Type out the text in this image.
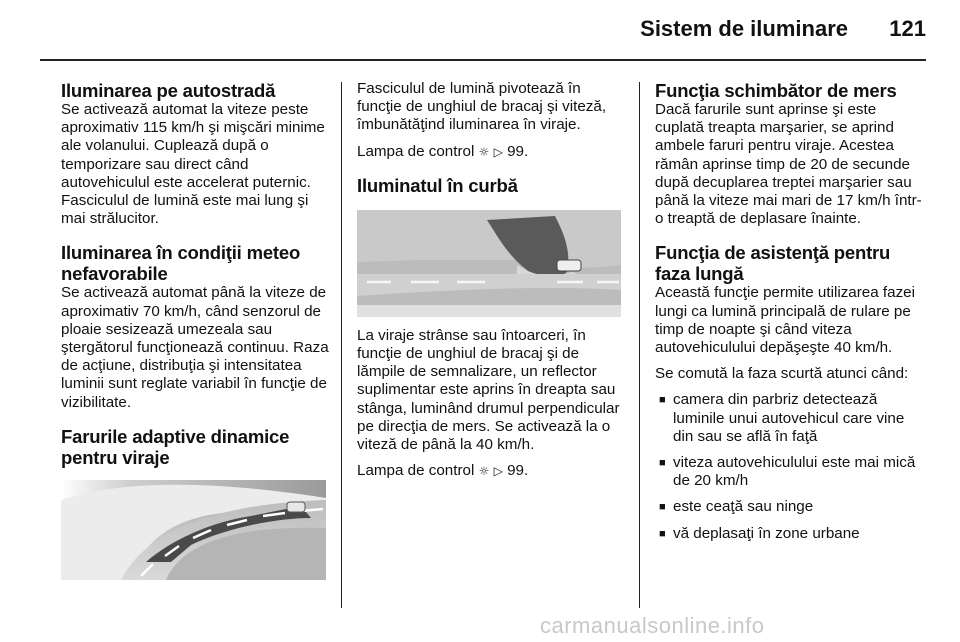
Sistem de iluminare 121
Iluminarea pe autostradă

Se activează automat la viteze peste aproximativ 115 km/h şi mişcări minime ale volanului. Cuplează după o temporizare sau direct când autovehiculul este accelerat puternic. Fasciculul de lumină este mai lung şi mai strălucitor.

Iluminarea în condiţii meteo nefavorabile

Se activează automat până la viteze de aproximativ 70 km/h, când senzorul de ploaie sesizează umezeala sau ştergătorul funcţionează continuu. Raza de acţiune, distribuţia şi intensitatea luminii sunt reglate variabil în funcţie de vizibilitate.

Farurile adaptive dinamice pentru viraje

Fasciculul de lumină pivotează în funcţie de unghiul de bracaj şi viteză, îmbunătăţind iluminarea în viraje.

Lampa de control ☼ ▷ 99.

Iluminatul în curbă

La viraje strânse sau întoarceri, în funcţie de unghiul de bracaj şi de lămpile de semnalizare, un reflector suplimentar este aprins în dreapta sau stânga, luminând drumul perpendicular pe direcţia de mers. Se activează la o viteză de până la 40 km/h.

Lampa de control ☼ ▷ 99.

Funcţia schimbător de mers

Dacă farurile sunt aprinse şi este cuplată treapta marşarier, se aprind ambele faruri pentru viraje. Acestea rămân aprinse timp de 20 de secunde după decuplarea treptei marşarier sau până la viteze mai mari de 17 km/h într-o treaptă de deplasare înainte.

Funcţia de asistenţă pentru faza lungă

Această funcţie permite utilizarea fazei lungi ca lumină principală de rulare pe timp de noapte şi când viteza autovehiculului depăşeşte 40 km/h.

Se comută la faza scurtă atunci când:

■ camera din parbriz detectează luminile unui autovehicul care vine din sau se află în faţă
■ viteza autovehiculului este mai mică de 20 km/h
■ este ceaţă sau ninge
■ vă deplasaţi în zone urbane
carmanualsonline.info
